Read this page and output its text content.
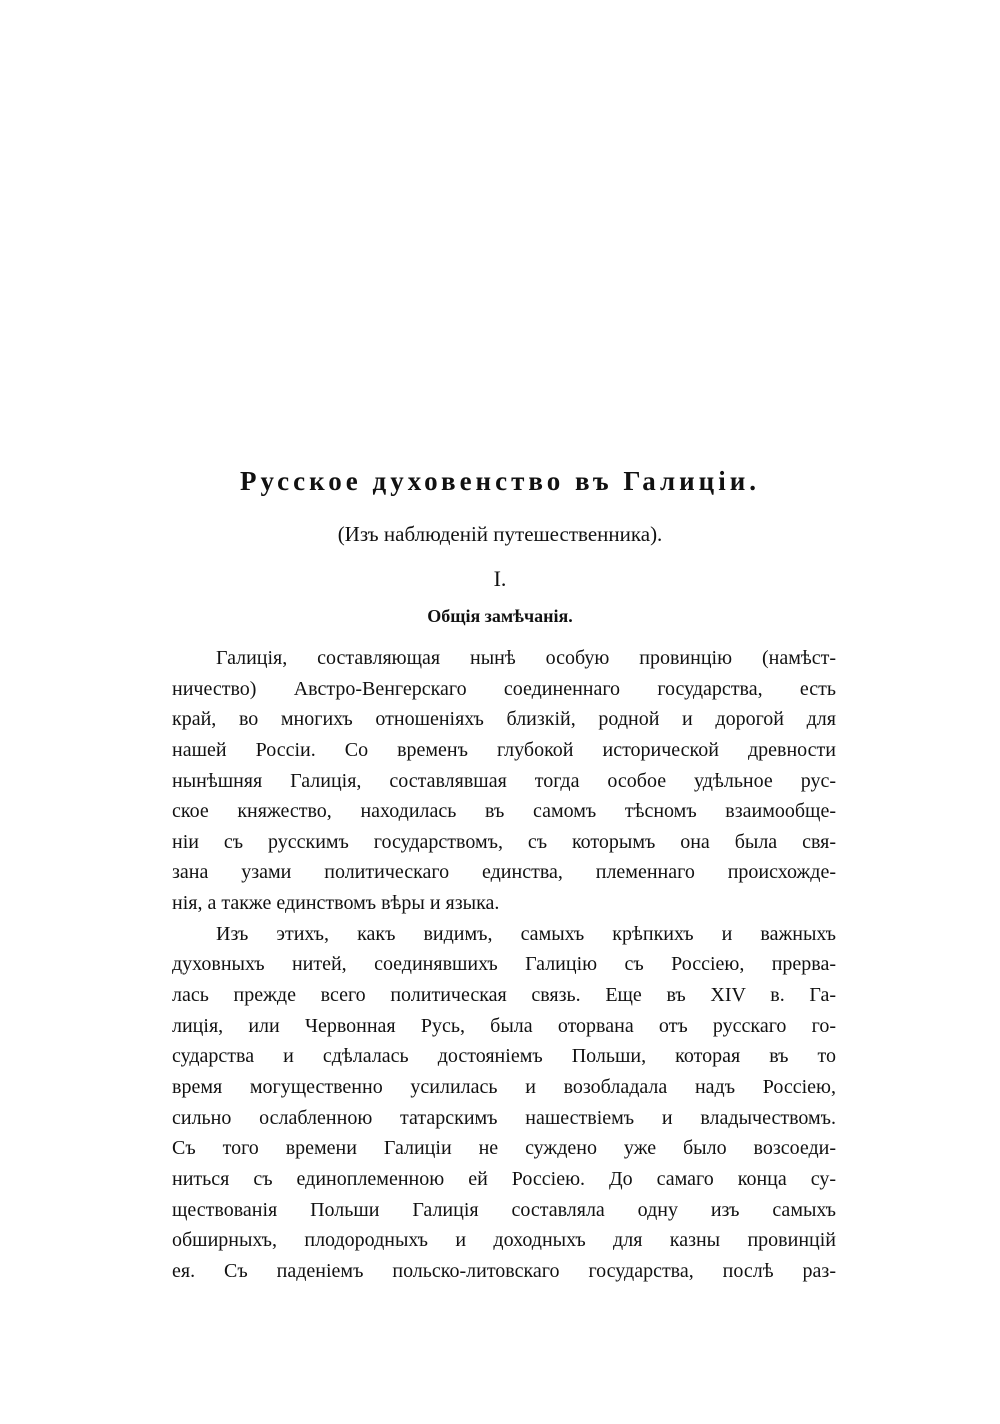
Русское духовенство въ Галиціи.

(Изъ наблюденій путешественника).

I.

Общія замѣчанія.

Галиція, составляющая нынѣ особую провинцію (намѣст-
ничество) Австро-Венгерскаго соединеннаго государства, есть
край, во многихъ отношеніяхъ близкій, родной и дорогой для
нашей Россіи. Со временъ глубокой исторической древности
нынѣшняя Галиція, составлявшая тогда особое удѣльное рус-
ское княжество, находилась въ самомъ тѣсномъ взаимообще-
ніи съ русскимъ государствомъ, съ которымъ она была свя-
зана узами политическаго единства, племеннаго происхожде-
нія, а также единствомъ вѣры и языка.
Изъ этихъ, какъ видимъ, самыхъ крѣпкихъ и важныхъ
духовныхъ нитей, соединявшихъ Галицію съ Россіею, прерва-
лась прежде всего политическая связь. Еще въ XIV в. Га-
лиція, или Червонная Русь, была оторвана отъ русскаго го-
сударства и сдѣлалась достояніемъ Польши, которая въ то
время могущественно усилилась и возобладала надъ Россіею,
сильно ослабленною татарскимъ нашествіемъ и владычествомъ.
Съ того времени Галиціи не суждено уже было возсоеди-
ниться съ единоплеменною ей Россіею. До самаго конца су-
ществованія Польши Галиція составляла одну изъ самыхъ
обширныхъ, плодородныхъ и доходныхъ для казны провинцій
ея. Съ паденіемъ польско-литовскаго государства, послѣ раз-
